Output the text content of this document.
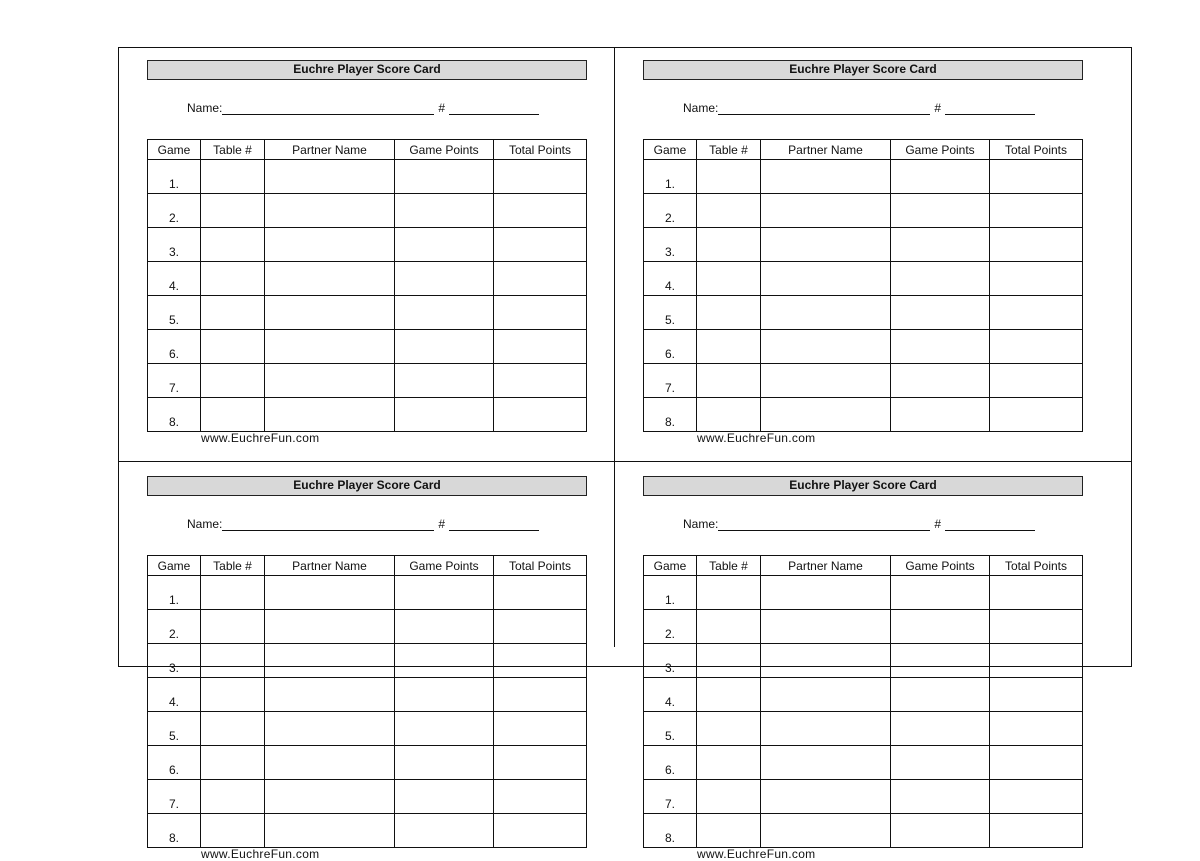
Euchre Player Score Card
Name:	#
Game	Table #	Partner Name	Game Points	Total Points
1.				
2.				
3.				
4.				
5.				
6.				
7.				
8.				
www.EuchreFun.com
Euchre Player Score Card
Name:	#
Game	Table #	Partner Name	Game Points	Total Points
1.				
2.				
3.				
4.				
5.				
6.				
7.				
8.				
www.EuchreFun.com
Euchre Player Score Card
Name:	#
Game	Table #	Partner Name	Game Points	Total Points
1.				
2.				
3.				
4.				
5.				
6.				
7.				
8.				
www.EuchreFun.com
Euchre Player Score Card
Name:	#
Game	Table #	Partner Name	Game Points	Total Points
1.				
2.				
3.				
4.				
5.				
6.				
7.				
8.				
www.EuchreFun.com
